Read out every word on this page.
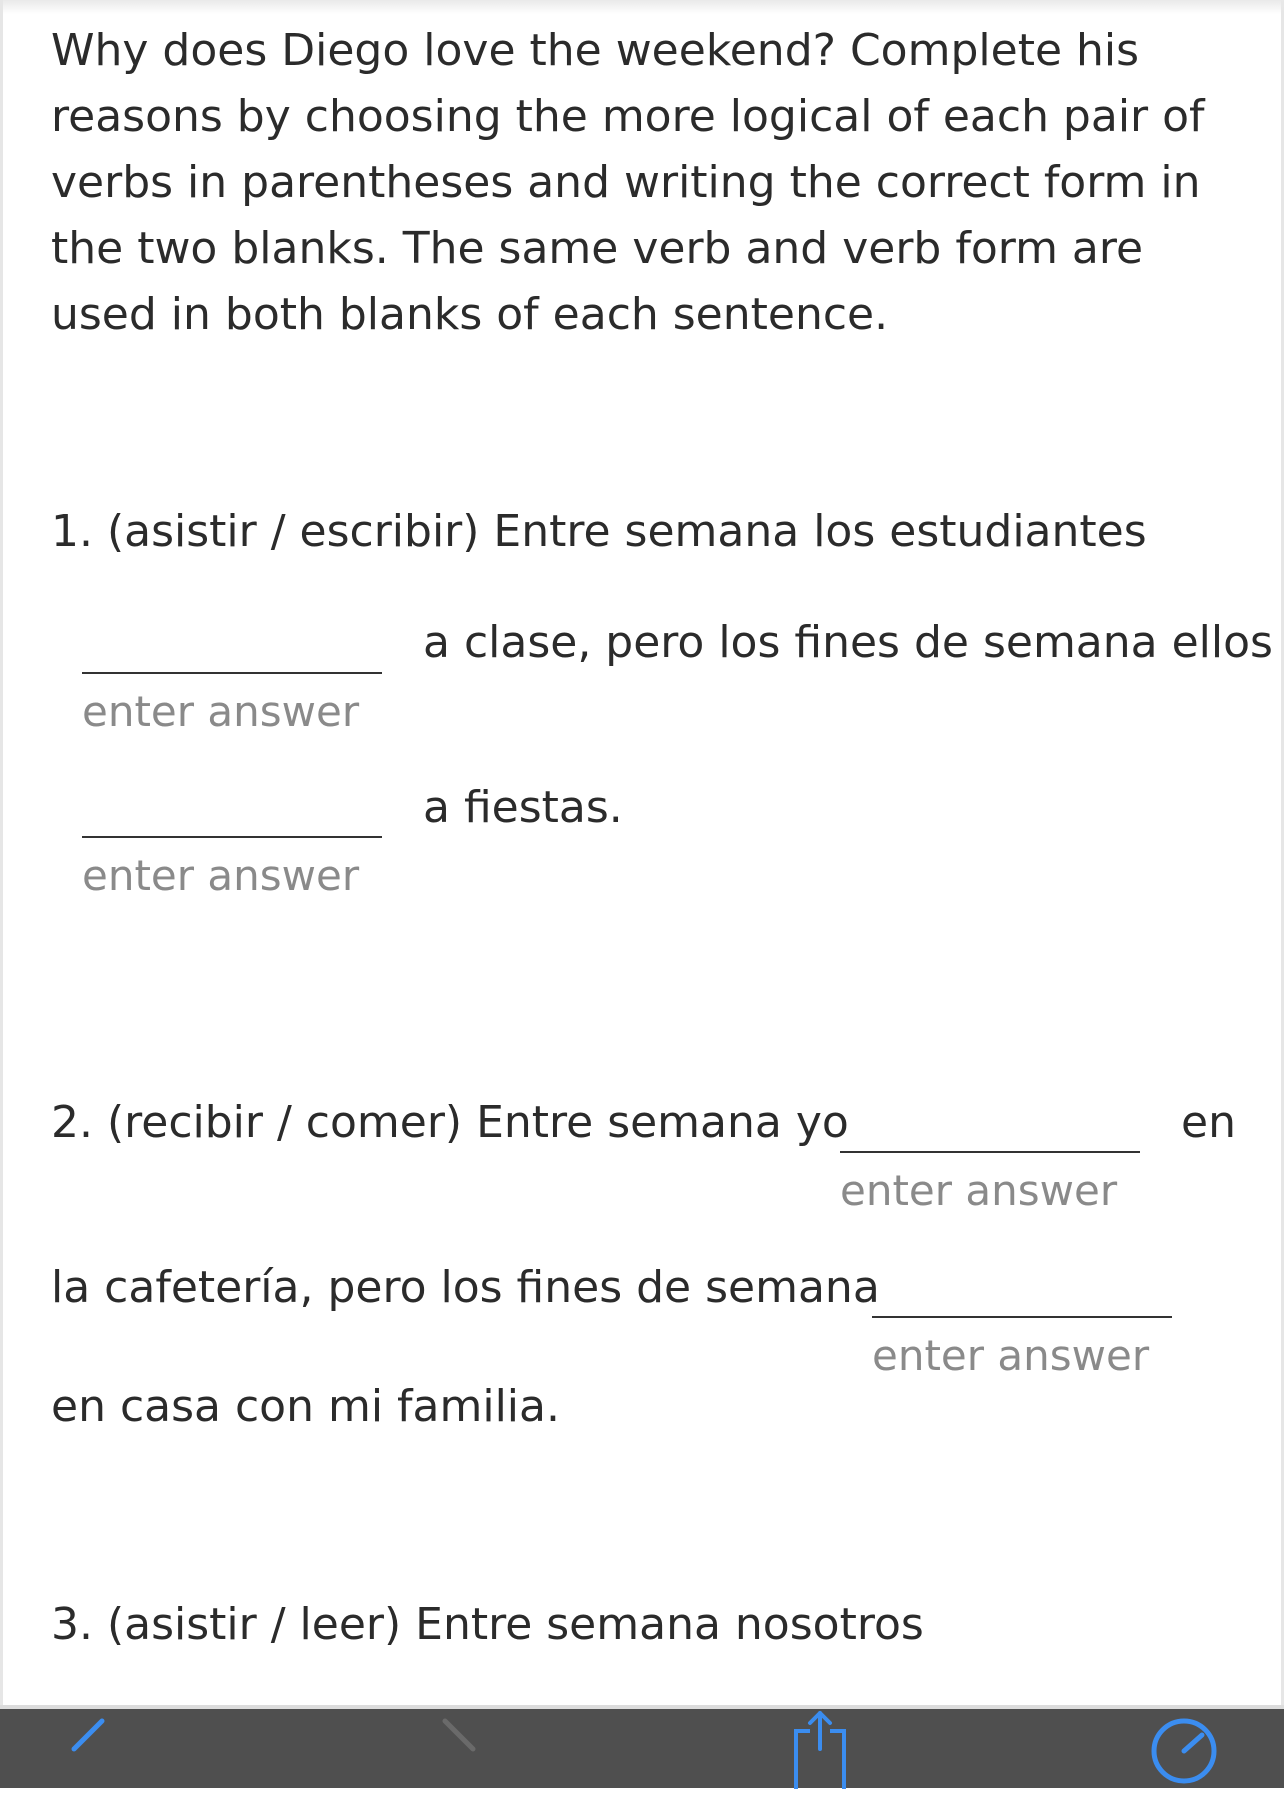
Why does Diego love the weekend? Complete his reasons by choosing the more logical of each pair of verbs in parentheses and writing the correct form in the two blanks. The same verb and verb form are used in both blanks of each sentence.
1. (asistir / escribir) Entre semana los estudiantes
enter answer
a clase, pero los fines de semana ellos
enter answer
a fiestas.
2. (recibir / comer) Entre semana yo
enter answer	en
la cafetería, pero los fines de semana
enter answer
en casa con mi familia.
3. (asistir / leer) Entre semana nosotros
